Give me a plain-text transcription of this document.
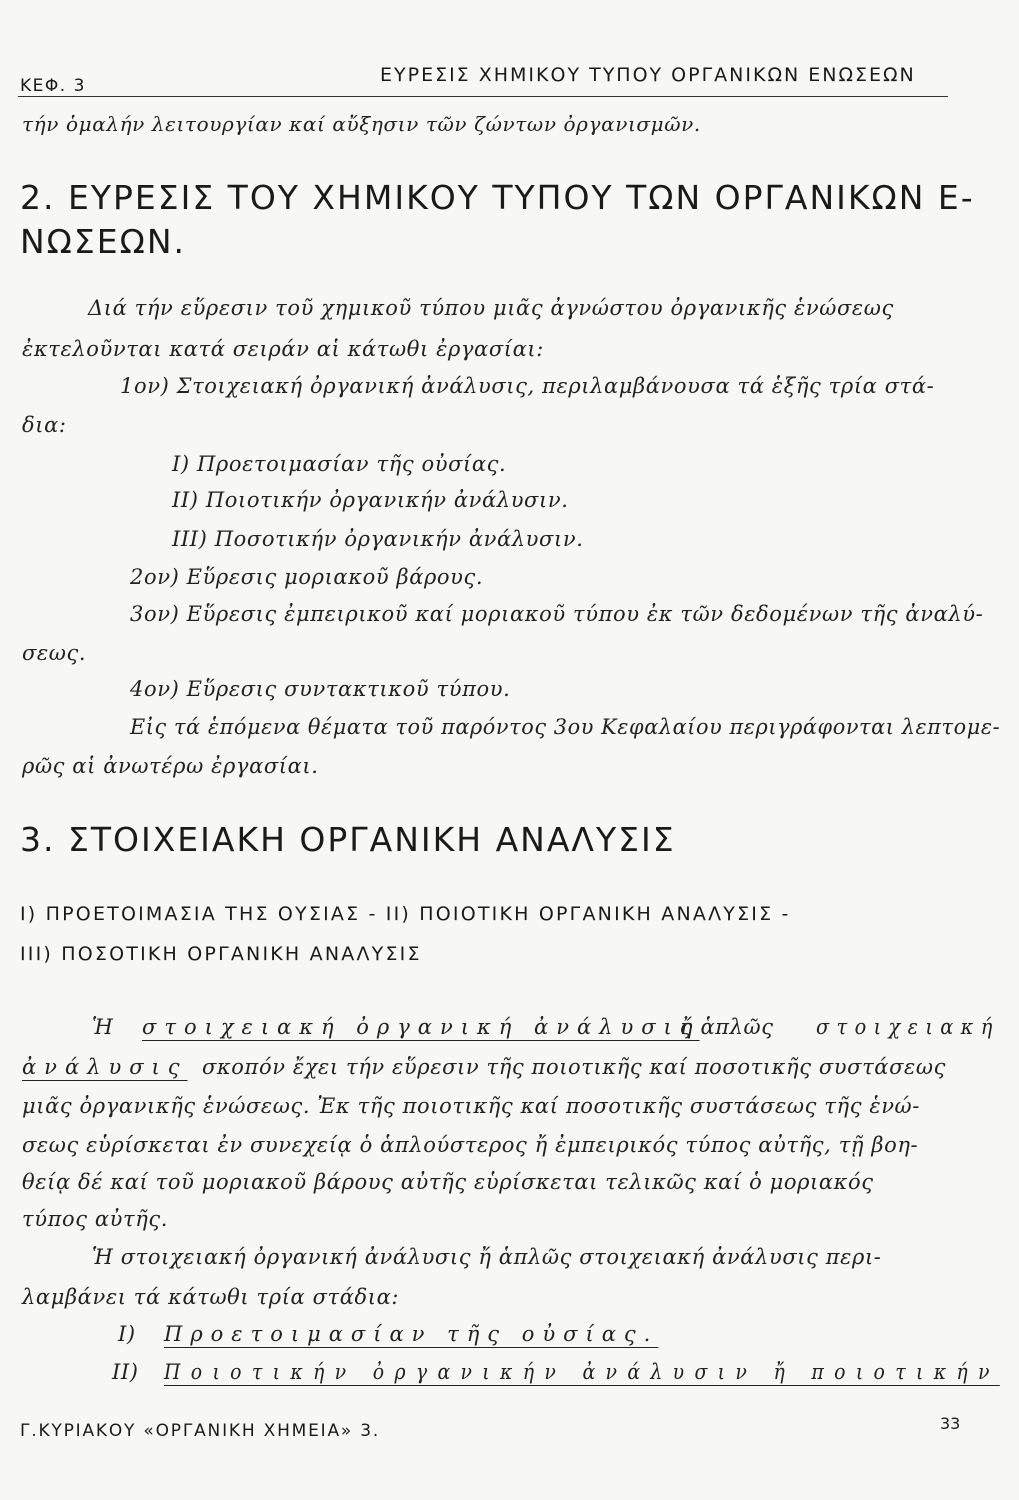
ΚΕΦ. 3	ΕΥΡΕΣΙΣ ΧΗΜΙΚΟΥ ΤΥΠΟΥ ΟΡΓΑΝΙΚΩΝ ΕΝΩΣΕΩΝ
τήν ὁμαλήν λειτουργίαν καί αὔξησιν τῶν ζώντων ὀργανισμῶν.
2. ΕΥΡΕΣΙΣ ΤΟΥ ΧΗΜΙΚΟΥ ΤΥΠΟΥ ΤΩΝ ΟΡΓΑΝΙΚΩΝ Ε-
ΝΩΣΕΩΝ.
Διά τήν εὕρεσιν τοῦ χημικοῦ τύπου μιᾶς ἀγνώστου ὀργανικῆς ἑνώσεως
ἐκτελοῦνται κατά σειράν αἱ κάτωθι ἐργασίαι:
1ον) Στοιχειακή ὀργανική ἀνάλυσις, περιλαμβάνουσα τά ἑξῆς τρία στά-
δια:
Ι) Προετοιμασίαν τῆς οὐσίας.
ΙΙ) Ποιοτικήν ὀργανικήν ἀνάλυσιν.
ΙΙΙ) Ποσοτικήν ὀργανικήν ἀνάλυσιν.
2ον) Εὕρεσις μοριακοῦ βάρους.
3ον) Εὕρεσις ἐμπειρικοῦ καί μοριακοῦ τύπου ἐκ τῶν δεδομένων τῆς ἀναλύ-
σεως.
4ον) Εὕρεσις συντακτικοῦ τύπου.
Εἰς τά ἑπόμενα θέματα τοῦ παρόντος 3ου Κεφαλαίου περιγράφονται λεπτομε-
ρῶς αἱ ἀνωτέρω ἐργασίαι.
3. ΣΤΟΙΧΕΙΑΚΗ ΟΡΓΑΝΙΚΗ ΑΝΑΛΥΣΙΣ
Ι) ΠΡΟΕΤΟΙΜΑΣΙΑ ΤΗΣ ΟΥΣΙΑΣ - ΙΙ) ΠΟΙΟΤΙΚΗ ΟΡΓΑΝΙΚΗ ΑΝΑΛΥΣΙΣ -
ΙΙΙ) ΠΟΣΟΤΙΚΗ ΟΡΓΑΝΙΚΗ ΑΝΑΛΥΣΙΣ
Ἡ στοιχειακή ὀργανική ἀνάλυσις
ἤ ἁπλῶς στοιχειακή
ἀνάλυσις σκοπόν ἔχει τήν εὕρεσιν τῆς ποιοτικῆς καί ποσοτικῆς συστάσεως
μιᾶς ὀργανικῆς ἑνώσεως. Ἐκ τῆς ποιοτικῆς καί ποσοτικῆς συστάσεως τῆς ἑνώ-
σεως εὑρίσκεται ἐν συνεχείᾳ ὁ ἁπλούστερος ἤ ἐμπειρικός τύπος αὐτῆς, τῇ βοη-
θείᾳ δέ καί τοῦ μοριακοῦ βάρους αὐτῆς εὑρίσκεται τελικῶς καί ὁ μοριακός
τύπος αὐτῆς.
Ἡ στοιχειακή ὀργανική ἀνάλυσις ἤ ἁπλῶς στοιχειακή ἀνάλυσις περι-
λαμβάνει τά κάτωθι τρία στάδια:
Ι) Προετοιμασίαν τῆς οὐσίας.
ΙΙ) Ποιοτικήν ὀργανικήν ἀνάλυσιν ἤ ποιοτικήν
Γ.ΚΥΡΙΑΚΟΥ «ΟΡΓΑΝΙΚΗ ΧΗΜΕΙΑ» 3.	33
